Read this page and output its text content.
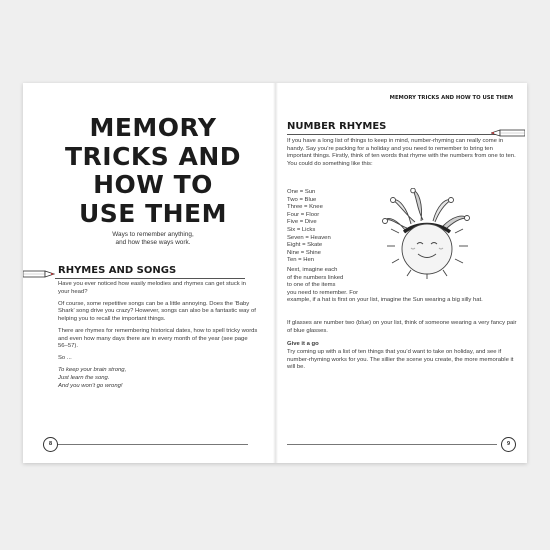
MEMORY
TRICKS AND
HOW TO
USE THEM
Ways to remember anything,
and how these ways work.
RHYMES AND SONGS

Have you ever noticed how easily melodies and rhymes can get stuck in your head?

Of course, some repetitive songs can be a little annoying. Does the ‘Baby Shark’ song drive you crazy? However, songs can also be a fantastic way of helping you to recall the important things.

There are rhymes for remembering historical dates, how to spell tricky words and even how many days there are in every month of the year (see page 56–57).

So ...

To keep your brain strong,
Just learn the song.
And you won’t go wrong!

8
MEMORY TRICKS AND HOW TO USE THEM
NUMBER RHYMES
If you have a long list of things to keep in mind, number-rhyming can really come in handy. Say you’re packing for a holiday and you need to remember to bring ten important things. Firstly, think of ten words that rhyme with the numbers from one to ten. You could do something like this:
One = Sun
Two = Blue
Three = Knee
Four = Floor
Five = Dive
Six = Licks
Seven = Heaven
Eight = Skate
Nine = Shine
Ten = Hen
Next, imagine each
of the numbers linked
to one of the items
you need to remember. For
example, if a hat is first on your list, imagine the Sun wearing a big silly hat.
If glasses are number two (blue) on your list, think of someone wearing a very fancy pair of blue glasses.
Give it a go
Try coming up with a list of ten things that you’d want to take on holiday, and see if number-rhyming works for you. The sillier the scene you create, the more memorable it will be.
9
